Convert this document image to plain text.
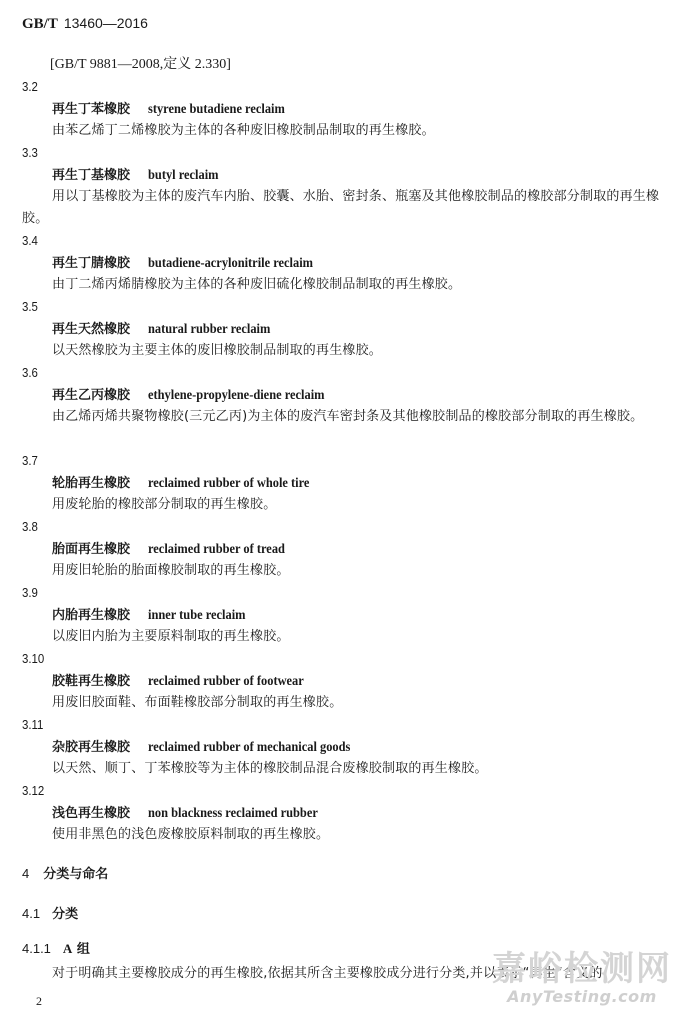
GB/T 13460—2016
[GB/T 9881—2008,定义 2.330]
3.2
再生丁苯橡胶 styrene butadiene reclaim
由苯乙烯丁二烯橡胶为主体的各种废旧橡胶制品制取的再生橡胶。
3.3
再生丁基橡胶 butyl reclaim
用以丁基橡胶为主体的废汽车内胎、胶囊、水胎、密封条、瓶塞及其他橡胶制品的橡胶部分制取的再生橡胶。
3.4
再生丁腈橡胶 butadiene-acrylonitrile reclaim
由丁二烯丙烯腈橡胶为主体的各种废旧硫化橡胶制品制取的再生橡胶。
3.5
再生天然橡胶 natural rubber reclaim
以天然橡胶为主要主体的废旧橡胶制品制取的再生橡胶。
3.6
再生乙丙橡胶 ethylene-propylene-diene reclaim
由乙烯丙烯共聚物橡胶(三元乙丙)为主体的废汽车密封条及其他橡胶制品的橡胶部分制取的再生橡胶。
3.7
轮胎再生橡胶 reclaimed rubber of whole tire
用废轮胎的橡胶部分制取的再生橡胶。
3.8
胎面再生橡胶 reclaimed rubber of tread
用废旧轮胎的胎面橡胶制取的再生橡胶。
3.9
内胎再生橡胶 inner tube reclaim
以废旧内胎为主要原料制取的再生橡胶。
3.10
胶鞋再生橡胶 reclaimed rubber of footwear
用废旧胶面鞋、布面鞋橡胶部分制取的再生橡胶。
3.11
杂胶再生橡胶 reclaimed rubber of mechanical goods
以天然、顺丁、丁苯橡胶等为主体的橡胶制品混合废橡胶制取的再生橡胶。
3.12
浅色再生橡胶 non blackness reclaimed rubber
使用非黑色的浅色废橡胶原料制取的再生橡胶。
4 分类与命名
4.1 分类
4.1.1 A 组
对于明确其主要橡胶成分的再生橡胶,依据其所含主要橡胶成分进行分类,并以表示“再生”含义的
2
嘉峪检测网
AnyTesting.com
